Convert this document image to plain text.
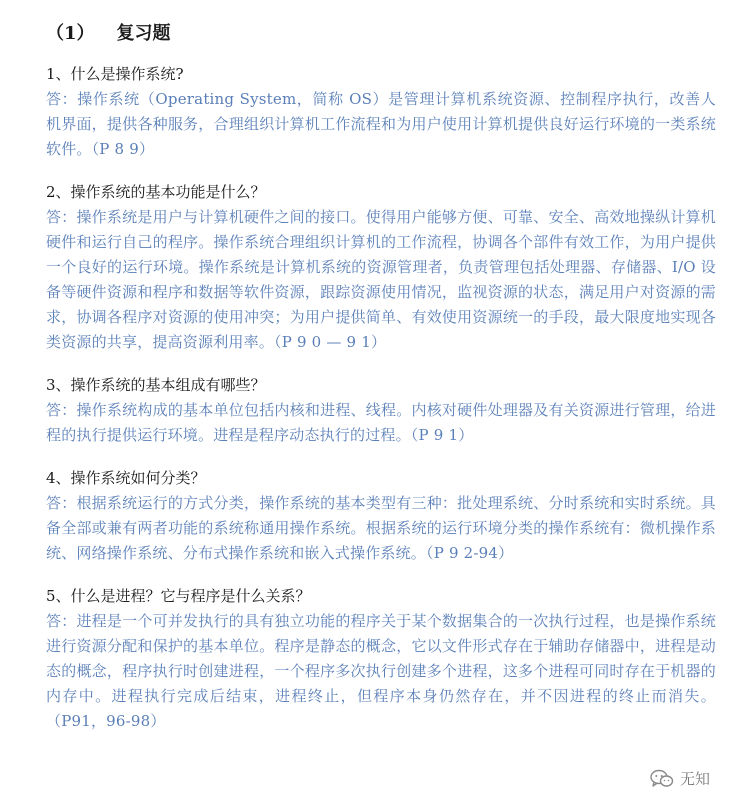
（1） 复习题

1、什么是操作系统?

答：操作系统（Operating System，简称 OS）是管理计算机系统资源、控制程序执行，改善人机界面，提供各种服务，合理组织计算机工作流程和为用户使用计算机提供良好运行环境的一类系统软件。（P 8 9）

2、操作系统的基本功能是什么？

答：操作系统是用户与计算机硬件之间的接口。使得用户能够方便、可靠、安全、高效地操纵计算机硬件和运行自己的程序。操作系统合理组织计算机的工作流程，协调各个部件有效工作，为用户提供一个良好的运行环境。操作系统是计算机系统的资源管理者，负责管理包括处理器、存储器、I/O 设备等硬件资源和程序和数据等软件资源，跟踪资源使用情况，监视资源的状态，满足用户对资源的需求，协调各程序对资源的使用冲突；为用户提供简单、有效使用资源统一的手段，最大限度地实现各类资源的共享，提高资源利用率。（P 9 0 — 9 1）

3、操作系统的基本组成有哪些？

答：操作系统构成的基本单位包括内核和进程、线程。内核对硬件处理器及有关资源进行管理，给进程的执行提供运行环境。进程是程序动态执行的过程。（P 9 1）

4、操作系统如何分类？

答：根据系统运行的方式分类，操作系统的基本类型有三种：批处理系统、分时系统和实时系统。具备全部或兼有两者功能的系统称通用操作系统。根据系统的运行环境分类的操作系统有：微机操作系统、网络操作系统、分布式操作系统和嵌入式操作系统。（P 9 2-94）

5、什么是进程？它与程序是什么关系？

答：进程是一个可并发执行的具有独立功能的程序关于某个数据集合的一次执行过程，也是操作系统进行资源分配和保护的基本单位。程序是静态的概念，它以文件形式存在于辅助存储器中，进程是动态的概念，程序执行时创建进程，一个程序多次执行创建多个进程，这多个进程可同时存在于机器的内存中。进程执行完成后结束，进程终止，但程序本身仍然存在，并不因进程的终止而消失。（P91，96-98）

无知
